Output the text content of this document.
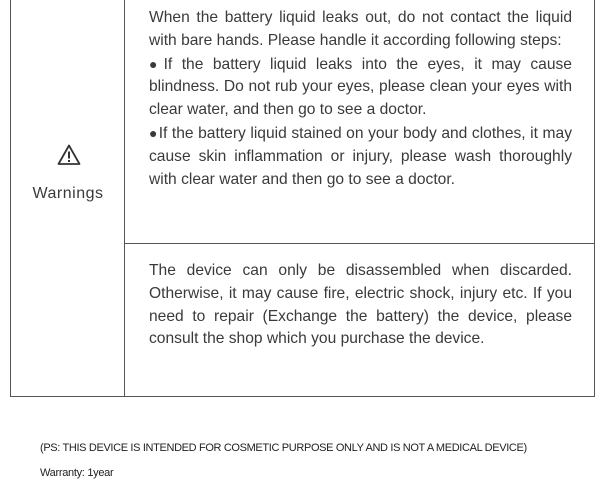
Warnings

When the battery liquid leaks out, do not contact the liquid with bare hands. Please handle it according following steps:

● If the battery liquid leaks into the eyes, it may cause blindness. Do not rub your eyes, please clean your eyes with clear water, and then go to see a doctor.

● If the battery liquid stained on your body and clothes, it may cause skin inflammation or injury, please wash thoroughly with clear water and then go to see a doctor.

The device can only be disassembled when discarded. Otherwise, it may cause fire, electric shock, injury etc. If you need to repair (Exchange the battery) the device, please consult the shop which you purchase the device.

(PS: THIS DEVICE IS INTENDED FOR COSMETIC PURPOSE ONLY AND IS NOT A MEDICAL DEVICE)
Warranty: 1year
